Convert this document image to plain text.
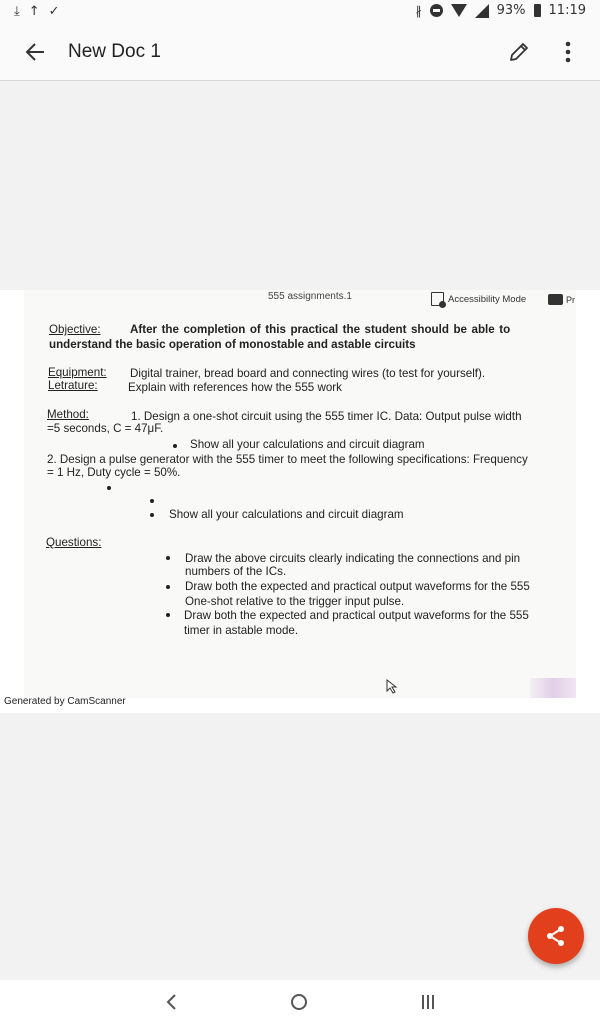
⤓ ↑ ✓	∦	93% 11:19
New Doc 1
555 assignments.1	Accessibility Mode	Pr
Objective:	After the completion of this practical the student should be able to
understand the basic operation of monostable and astable circuits
Equipment: Digital trainer, bread board and connecting wires (to test for yourself).
Letrature:	Explain with references how the 555 work
Method:	1. Design a one-shot circuit using the 555 timer IC. Data: Output pulse width
=5 seconds, C = 47μF.
Show all your calculations and circuit diagram
2. Design a pulse generator with the 555 timer to meet the following specifications: Frequency
= 1 Hz, Duty cycle = 50%.
Show all your calculations and circuit diagram
Questions:
Draw the above circuits clearly indicating the connections and pin
numbers of the ICs.
Draw both the expected and practical output waveforms for the 555
One-shot relative to the trigger input pulse.
Draw both the expected and practical output waveforms for the 555
timer in astable mode.
Generated by CamScanner
